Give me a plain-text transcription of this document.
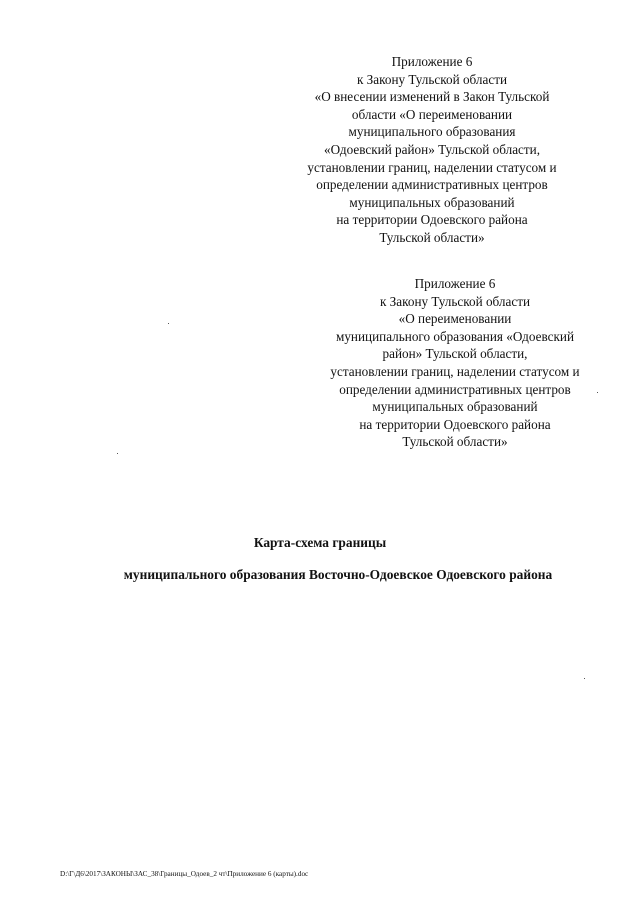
Приложение 6
к Закону Тульской области
«О внесении изменений в Закон Тульской
области «О переименовании
муниципального образования
«Одоевский район» Тульской области,
установлении границ, наделении статусом и
определении административных центров
муниципальных образований
на территории Одоевского района
Тульской области»
Приложение 6
к Закону Тульской области
«О переименовании
муниципального образования «Одоевский
район» Тульской области,
установлении границ, наделении статусом и
определении административных центров
муниципальных образований
на территории Одоевского района
Тульской области»
Карта-схема границы
муниципального образования Восточно-Одоевское Одоевского района
D:\Г\Д6\2017\ЗАКОНЫ\ЗАС_38\Границы_Одоев_2 чт\Приложение 6 (карты).doc
